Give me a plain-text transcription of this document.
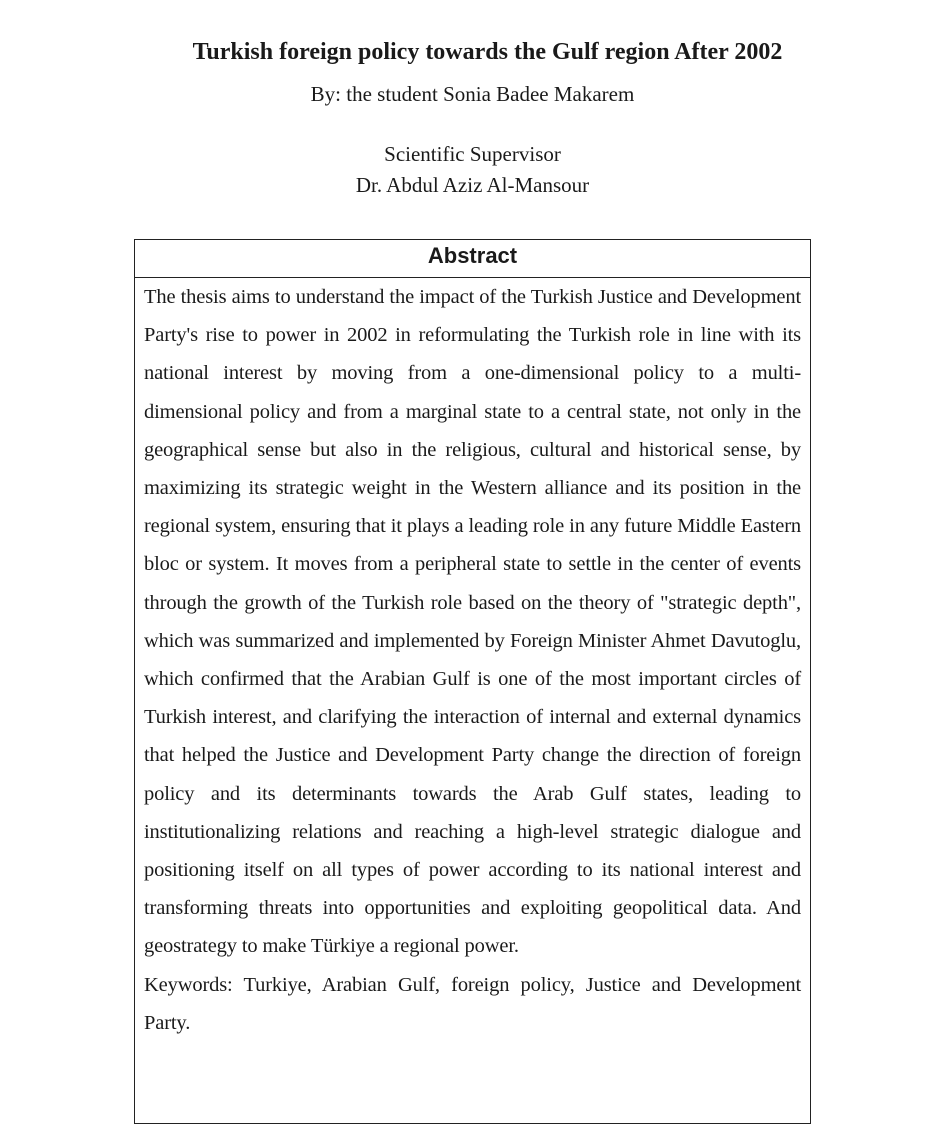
Turkish foreign policy towards the Gulf region After 2002
By: the student Sonia Badee Makarem
Scientific Supervisor
Dr. Abdul Aziz Al-Mansour
Abstract

The thesis aims to understand the impact of the Turkish Justice and Development Party's rise to power in 2002 in reformulating the Turkish role in line with its national interest by moving from a one-dimensional policy to a multi-dimensional policy and from a marginal state to a central state, not only in the geographical sense but also in the religious, cultural and historical sense, by maximizing its strategic weight in the Western alliance and its position in the regional system, ensuring that it plays a leading role in any future Middle Eastern bloc or system. It moves from a peripheral state to settle in the center of events through the growth of the Turkish role based on the theory of "strategic depth", which was summarized and implemented by Foreign Minister Ahmet Davutoglu, which confirmed that the Arabian Gulf is one of the most important circles of Turkish interest, and clarifying the interaction of internal and external dynamics that helped the Justice and Development Party change the direction of foreign policy and its determinants towards the Arab Gulf states, leading to institutionalizing relations and reaching a high-level strategic dialogue and positioning itself on all types of power according to its national interest and transforming threats into opportunities and exploiting geopolitical data. And geostrategy to make Türkiye a regional power.

Keywords: Turkiye, Arabian Gulf, foreign policy, Justice and Development Party.
